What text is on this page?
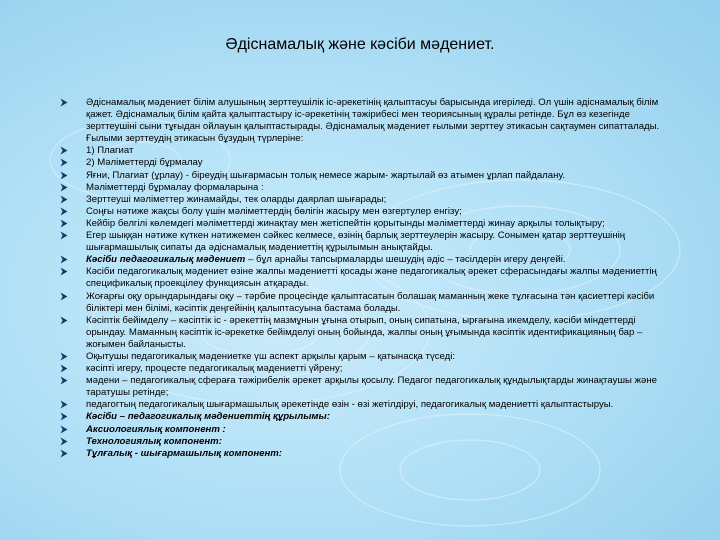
Әдіснамалық және кәсіби мәдениет.
Әдіснамалық мәдениет білім алушының зерттеушілік іс-әрекетінің қалыптасуы барысында игеріледі. Ол үшін әдіснамалық білім қажет. Әдіснамалық білім қайта қалыптастыру іс-әрекетінің тәжірибесі мен теориясының құралы ретінде. Бұл өз кезегінде зерттеушіні сыни тұғыдан ойлауын қалыптастырады. Әдіснамалық мәдениет ғылыми зерттеу этикасын сақтаумен сипатталады. Ғылыми зерттеудің этикасын бұзудың түрлеріне:
1) Плагиат
2) Мәліметтерді бұрмалау
Яғни, Плагиат (ұрлау) - біреудің шығармасын толық немесе жарым- жартылай өз атымен ұрлап пайдалану.
Мәліметтерді бұрмалау формаларына :
Зерттеуші мәліметтер жинамайды, тек оларды даярлап шығарады;
Соңғы нәтиже жақсы болу үшін мәліметтердің бөлігін жасыру мен өзгертулер енгізу;
Кейбір белгілі көлемдегі мәліметтерді жинақтау мен жетіспейтін қорытынды мәліметтерді жинау арқылы толықтыру;
Егер шыққан нәтиже күткен нәтижемен сәйкес келмесе, өзінің барлық зерттеулерін жасыру. Сонымен қатар зерттеушінің шығармашылық сипаты да әдіснамалық мәдениеттің құрылымын анықтайды.
Кәсіби педагогикалық мәдениет – бұл арнайы тапсырмаларды шешудің әдіс – тәсілдерін игеру деңгейі.
Кәсіби педагогикалық мәдениет өзіне жалпы мәдениетті қосады және педагогикалық әрекет сферасындағы жалпы мәдениеттің спецификалық проекцілеу функциясын атқарады.
Жоғарғы оқу орындарындағы оқу – тәрбие процесінде қалыптасатын болашақ маманның жеке тұлғасына тән қасиеттері кәсіби біліктері мен білімі, кәсіптік деңгейінің қалыптасуына бастама болады.
Кәсіптік бейімделу – кәсіптік іс - әрекеттің мазмұнын ұғына отырып, оның сипатына, ырғағына икемделу, кәсіби міндеттерді орындау. Маманның кәсіптік іс-әрекетке бейімделуі оның бойында, жалпы оның ұғымында кәсіптік идентификацияның бар – жоғымен байланысты.
Оқытушы педагогикалық мәдениетке үш аспект арқылы қарым – қатынасқа түседі:
кәсіпті игеру, процесте педагогикалық мәдениетті үйрену;
мәдени – педагогикалық сфераға тәжірибелік әрекет арқылы қосылу. Педагог педагогикалық құндылықтарды жинақтаушы және таратушы ретінде;
педагогтың педагогикалық шығармашылық әрекетінде өзін - өзі жетілдіруі, педагогикалық мәдениетті қалыптастыруы.
Кәсіби – педагогикалық мәдениеттің құрылымы:
Аксиологиялық компонент :
Технологиялық компонент:
Тұлғалық - шығармашылық компонент:
